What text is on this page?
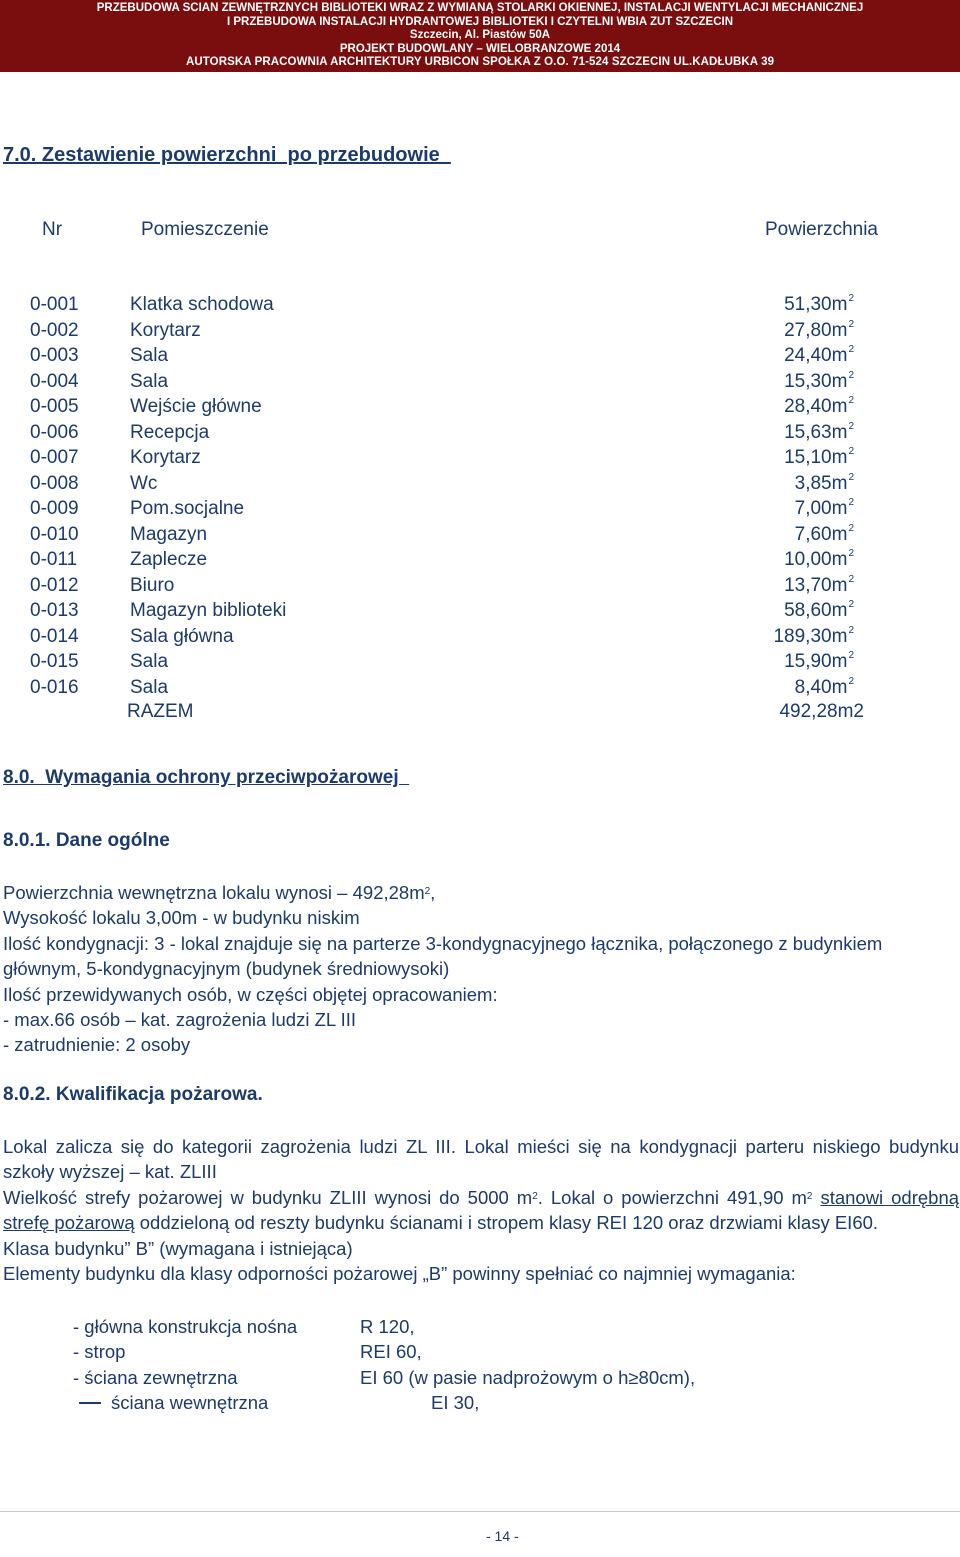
PRZEBUDOWA ŚCIAN ZEWNĘTRZNYCH BIBLIOTEKI WRAZ Z WYMIANĄ STOLARKI OKIENNEJ, INSTALACJI WENTYLACJI MECHANICZNEJ
I PRZEBUDOWA INSTALACJI HYDRANTOWEJ BIBLIOTEKI I CZYTELNI WBIA ZUT SZCZECIN
Szczecin, Al. Piastów 50A
PROJEKT BUDOWLANY – WIELOBRANŻOWE 2014
AUTORSKA PRACOWNIA ARCHITEKTURY URBICON SPÓŁKA Z O.O. 71-524 SZCZECIN UL.KADŁUBKA 39
7.0. Zestawienie powierzchni  po przebudowie
Nr	Pomieszczenie	Powierzchnia
0-001	Klatka schodowa	$51,30m^2$
0-002	Korytarz	$27,80m^2$
0-003	Sala	$24,40m^2$
0-004	Sala	$15,30m^2$
0-005	Wejście główne	$28,40m^2$
0-006	Recepcja	$15,63m^2$
0-007	Korytarz	$15,10m^2$
0-008	Wc	$3,85m^2$
0-009	Pom.socjalne	$7,00m^2$
0-010	Magazyn	$7,60m^2$
0-011	Zaplecze	$10,00m^2$
0-012	Biuro	$13,70m^2$
0-013	Magazyn biblioteki	$58,60m^2$
0-014	Sala główna	$189,30m^2$
0-015	Sala	$15,90m^2$
0-016	Sala	$8,40m^2$
RAZEM	492,28m2
8.0.  Wymagania ochrony przeciwpożarowej
8.0.1. Dane ogólne
Powierzchnia wewnętrzna lokalu wynosi – $492,28m^2$,
Wysokość lokalu 3,00m - w budynku niskim
Ilość kondygnacji: 3 - lokal znajduje się na parterze 3-kondygnacyjnego łącznika, połączonego z budynkiem głównym, 5-kondygnacyjnym (budynek średniowysoki)
Ilość przewidywanych osób, w części objętej opracowaniem:
- max.66 osób – kat. zagrożenia ludzi ZL III
- zatrudnienie: 2 osoby
8.0.2. Kwalifikacja pożarowa.
Lokal zalicza się do kategorii zagrożenia ludzi ZL III. Lokal mieści się na kondygnacji parteru niskiego budynku szkoły wyższej – kat. ZLIII
Wielkość strefy pożarowej w budynku ZLIII wynosi do 5000 $m^2$. Lokal o powierzchni 491,90 $m^2$ stanowi odrębną strefę pożarową oddzieloną od reszty budynku ścianami i stropem klasy REI 120 oraz drzwiami klasy EI60.
Klasa budynku” B” (wymagana i istniejąca)
Elementy budynku dla klasy odporności pożarowej „B” powinny spełniać co najmniej wymagania:
- główna konstrukcja nośna	R 120,
- strop	REI 60,
- ściana zewnętrzna	EI 60 (w pasie nadprożowym o h≥80cm),
ściana wewnętrzna	EI 30,
- 14 -
